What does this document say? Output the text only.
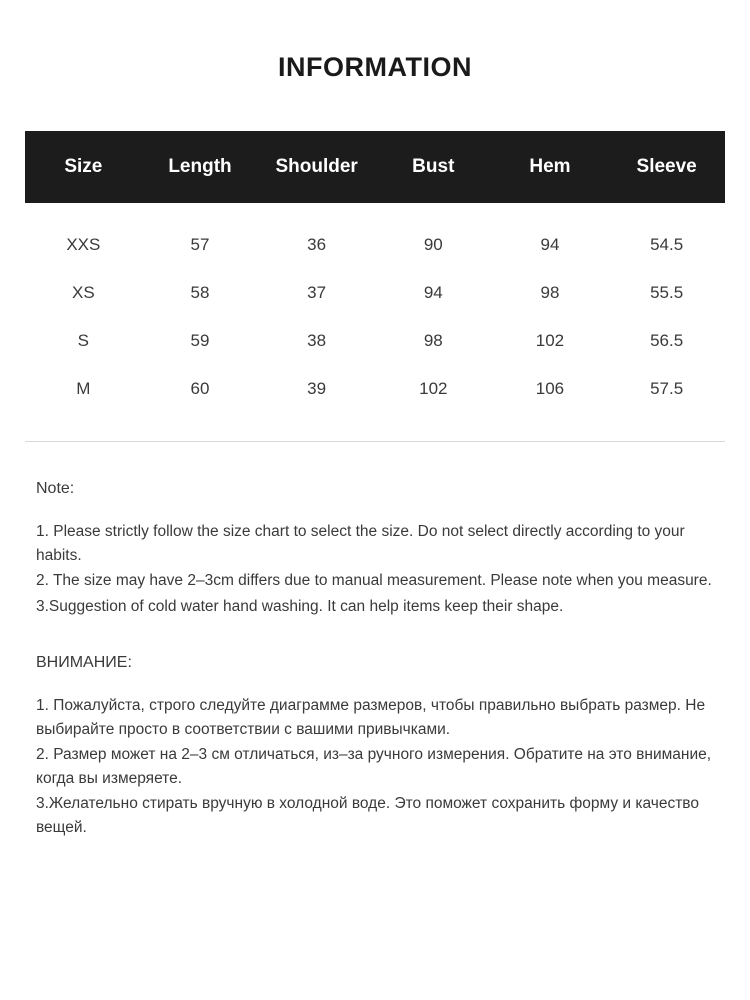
INFORMATION
Size	Length	Shoulder	Bust	Hem	Sleeve
XXS	57	36	90	94	54.5
XS	58	37	94	98	55.5
S	59	38	98	102	56.5
M	60	39	102	106	57.5

Note:

1. Please strictly follow the size chart to select the size. Do not select directly according to your habits.

2. The size may have 2–3cm differs due to manual measurement. Please note when you measure.

3.Suggestion of cold water hand washing. It can help items keep their shape.

ВНИМАНИЕ:

1. Пожалуйста, строго следуйте диаграмме размеров, чтобы правильно выбрать размер. Не выбирайте просто в соответствии с вашими привычками.

2. Размер может на 2–3 см отличаться, из–за ручного измерения. Обратите на это внимание, когда вы измеряете.

3.Желательно стирать вручную в холодной воде. Это поможет сохранить форму и качество вещей.
